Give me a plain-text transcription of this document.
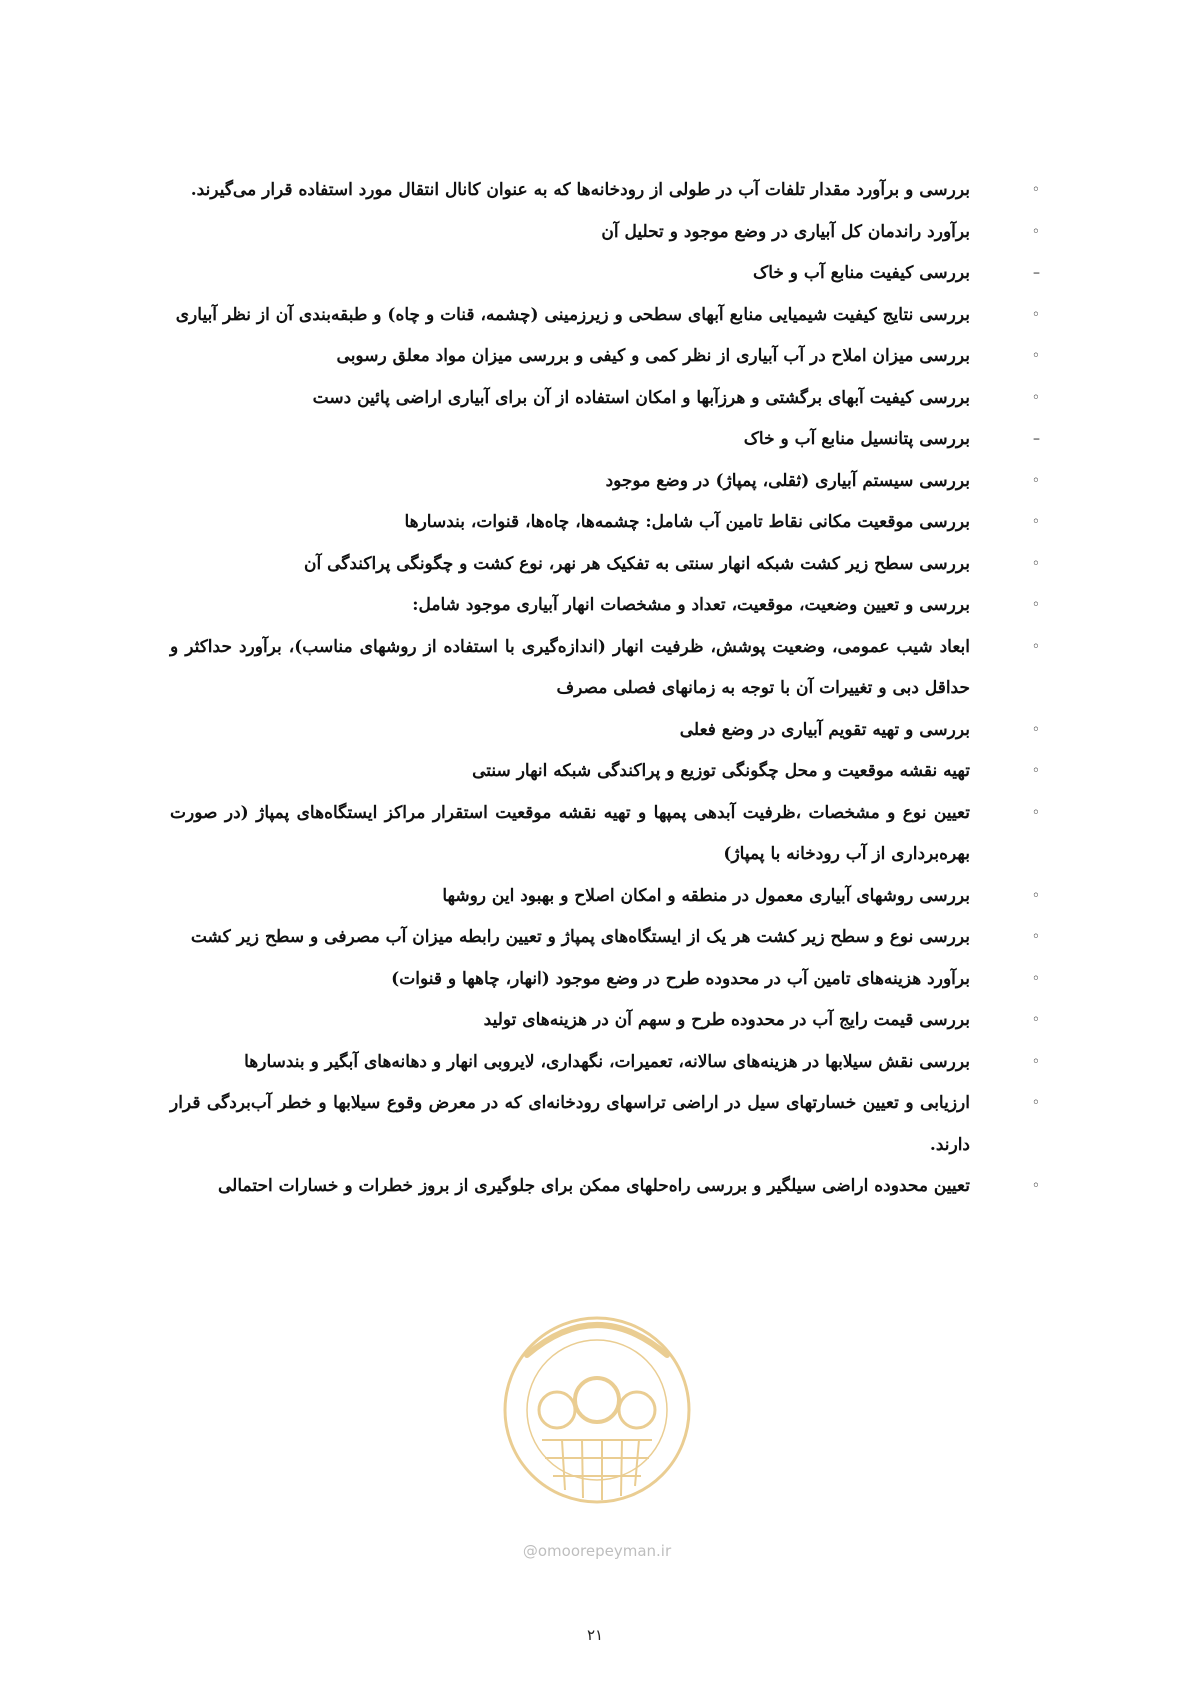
◦
بررسی و برآورد مقدار تلفات آب در طولی از رودخانه‌ها که به عنوان کانال انتقال مورد استفاده قرار می‌گیرند.
◦
برآورد راندمان کل آبیاری در وضع موجود و تحلیل آن
–
بررسی کیفیت منابع آب و خاک
◦
بررسی نتایج کیفیت شیمیایی منابع آبهای سطحی و زیرزمینی (چشمه، قنات و چاه) و طبقه‌بندی آن از نظر آبیاری
◦
بررسی میزان املاح در آب آبیاری از نظر کمی و کیفی و بررسی میزان مواد معلق رسوبی
◦
بررسی کیفیت آبهای برگشتی و هرزآبها و امکان استفاده از آن برای آبیاری اراضی پائین دست
–
بررسی پتانسیل منابع آب و خاک
◦
بررسی سیستم آبیاری (ثقلی، پمپاژ) در وضع موجود
◦
بررسی موقعیت مکانی نقاط تامین آب شامل: چشمه‌ها، چاه‌ها، قنوات، بندسارها
◦
بررسی سطح زیر کشت شبکه انهار سنتی به تفکیک هر نهر، نوع کشت و چگونگی پراکندگی آن
◦
بررسی و تعیین وضعیت، موقعیت، تعداد و مشخصات انهار آبیاری موجود شامل:
◦
ابعاد شیب عمومی، وضعیت پوشش، ظرفیت انهار (اندازه‌گیری با استفاده از روشهای مناسب)، برآورد حداکثر و حداقل دبی و تغییرات آن با توجه به زمانهای فصلی مصرف
◦
بررسی و تهیه تقویم آبیاری در وضع فعلی
◦
تهیه نقشه موقعیت و محل چگونگی توزیع و پراکندگی شبکه انهار سنتی
◦
تعیین نوع و مشخصات ،ظرفیت آبدهی پمپها و تهیه نقشه موقعیت استقرار مراکز ایستگاه‌های پمپاژ (در صورت بهره‌برداری از آب رودخانه با پمپاژ)
◦
بررسی روشهای آبیاری معمول در منطقه و امکان اصلاح و بهبود این روشها
◦
بررسی نوع و سطح زیر کشت هر یک از ایستگاه‌های پمپاژ و تعیین رابطه میزان آب مصرفی و سطح زیر کشت
◦
برآورد هزینه‌های تامین آب در محدوده طرح در وضع موجود (انهار، چاهها و قنوات)
◦
بررسی قیمت رایج آب در محدوده طرح و سهم آن در هزینه‌های تولید
◦
بررسی نقش سیلابها در هزینه‌های سالانه، تعمیرات، نگهداری، لایروبی انهار و دهانه‌های آبگیر و بندسارها
◦
ارزیابی و تعیین خسارتهای سیل در اراضی تراسهای رودخانه‌ای که در معرض وقوع سیلابها و خطر آب‌بردگی قرار دارند.
◦
تعیین محدوده اراضی سیلگیر و بررسی راه‌حلهای ممکن برای جلوگیری از بروز خطرات و خسارات احتمالی
@omoorepeyman.ir
۲۱
